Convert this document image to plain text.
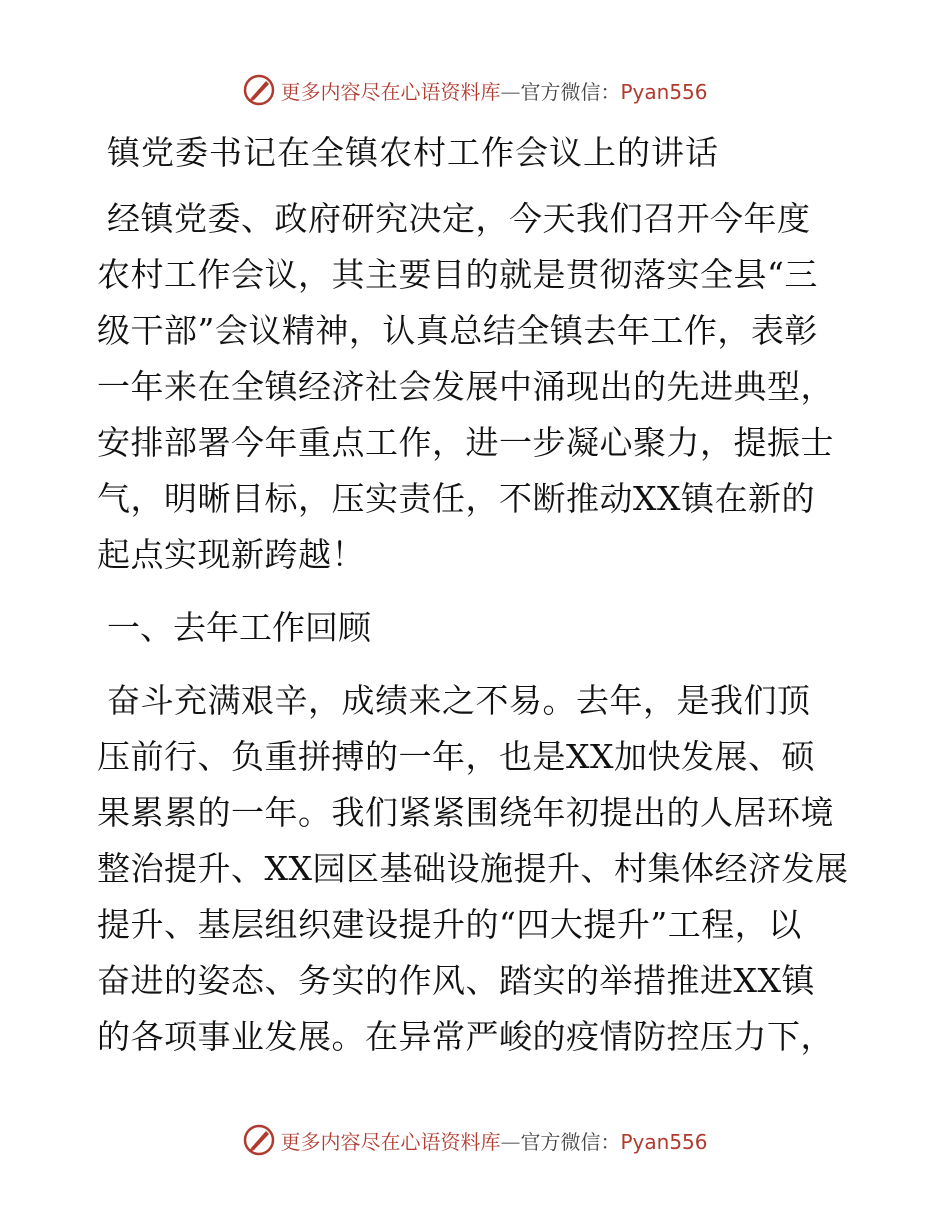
更多内容尽在心语资料库—官方微信：Pyan556
镇党委书记在全镇农村工作会议上的讲话
经镇党委、政府研究决定，今天我们召开今年度
农村工作会议，其主要目的就是贯彻落实全县“三
级干部”会议精神，认真总结全镇去年工作，表彰
一年来在全镇经济社会发展中涌现出的先进典型，
安排部署今年重点工作，进一步凝心聚力，提振士
气，明晰目标，压实责任，不断推动XX镇在新的
起点实现新跨越！
一、去年工作回顾
奋斗充满艰辛，成绩来之不易。去年，是我们顶
压前行、负重拼搏的一年，也是XX加快发展、硕
果累累的一年。我们紧紧围绕年初提出的人居环境
整治提升、XX园区基础设施提升、村集体经济发展
提升、基层组织建设提升的“四大提升”工程，以
奋进的姿态、务实的作风、踏实的举措推进XX镇
的各项事业发展。在异常严峻的疫情防控压力下，
更多内容尽在心语资料库—官方微信：Pyan556
